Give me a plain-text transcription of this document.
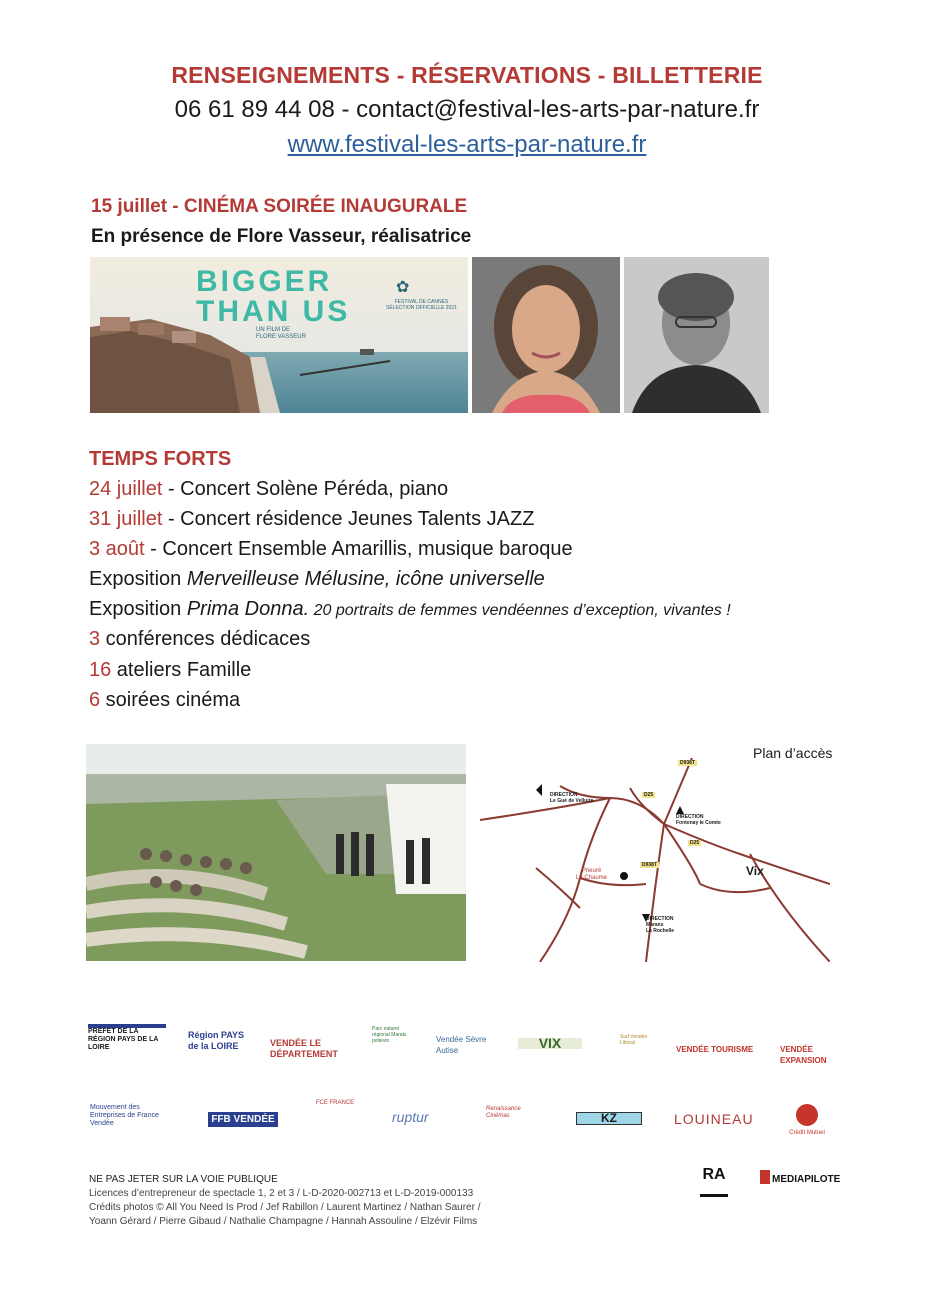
RENSEIGNEMENTS - RÉSERVATIONS - BILLETTERIE
06 61 89 44 08 - contact@festival-les-arts-par-nature.fr
www.festival-les-arts-par-nature.fr
15 juillet - CINÉMA SOIRÉE INAUGURALE
En présence de Flore Vasseur, réalisatrice
BIGGER
THAN US
UN FILM DE
FLORE VASSEUR
✿
FESTIVAL DE CANNES
SÉLECTION OFFICIELLE 2021
TEMPS FORTS
24 juillet - Concert Solène Péréda, piano
31 juillet - Concert résidence Jeunes Talents JAZZ
3 août - Concert Ensemble Amarillis, musique baroque
Exposition Merveilleuse Mélusine, icône universelle
Exposition Prima Donna. 20 portraits de femmes vendéennes d’exception, vivantes !
3 conférences dédicaces
16 ateliers Famille
6 soirées cinéma
Plan d’accès
D938T
D25
D25
D938T
DIRECTION
Le Gué de Velluire
DIRECTION
Fontenay le Comte
DIRECTION
Marans
La Rochelle
Prieuré
La Chaume	Vix
PRÉFET DE LA RÉGION PAYS DE LA LOIRE
Région PAYS de la LOIRE	VENDÉE LE DÉPARTEMENT
Parc naturel régional Marais poitevin	Vendée Sèvre Autise	VIX	Sud Vendée Littoral
VENDÉE TOURISME	VENDÉE EXPANSION
Mouvement des Entreprises de France Vendée	FFB VENDÉE
FCE FRANCE
ruptur	Renaissance Cinémas	KZ	LOUINEAU
Crédit Mutuel
NE PAS JETER SUR LA VOIE PUBLIQUE
Licences d’entrepreneur de spectacle 1, 2 et 3 / L-D-2020-002713 et L-D-2019-000133
Crédits photos © All You Need Is Prod / Jef Rabillon / Laurent Martinez / Nathan Saurer /
Yoann Gérard / Pierre Gibaud / Nathalie Champagne / Hannah Assouline / Elzévir Films
RA	MEDIAPILOTE
